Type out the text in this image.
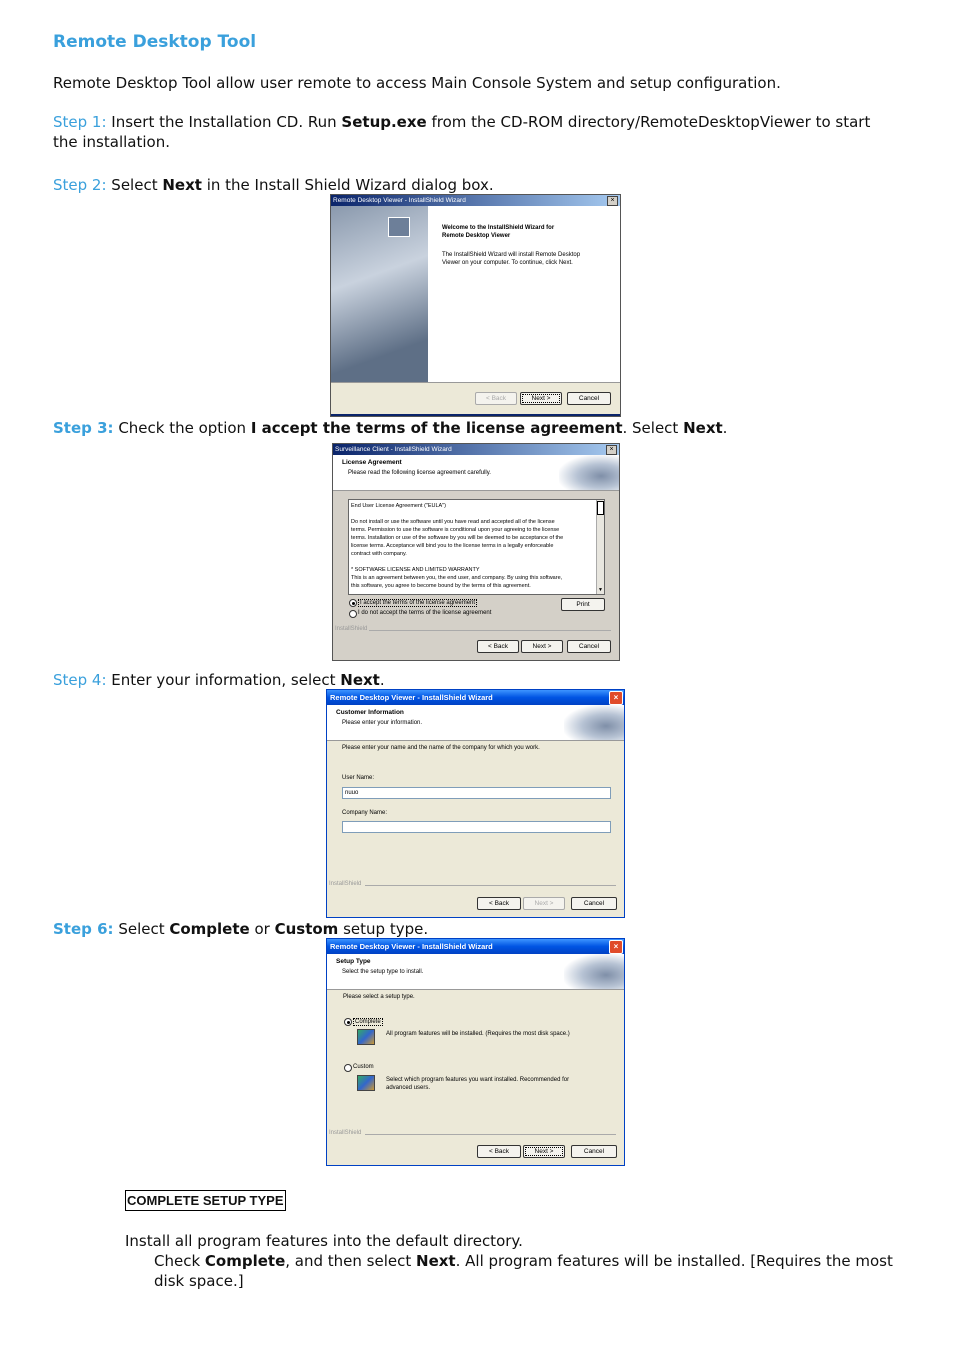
Remote Desktop Tool
Remote Desktop Tool allow user remote to access Main Console System and setup configuration.
Step 1: Insert the Installation CD. Run Setup.exe from the CD-ROM directory/RemoteDesktopViewer to start
the installation.
Step 2: Select Next in the Install Shield Wizard dialog box.
Remote Desktop Viewer - InstallShield Wizard	×
Welcome to the InstallShield Wizard for
Remote Desktop Viewer
The InstallShield Wizard will install Remote Desktop
Viewer on your computer. To continue, click Next.
< Back	Next >	Cancel
Step 3: Check the option I accept the terms of the license agreement. Select Next.
Surveillance Client - InstallShield Wizard	×
License Agreement
Please read the following license agreement carefully.
End User License Agreement ("EULA")

Do not install or use the software until you have read and accepted all of the license
terms. Permission to use the software is conditional upon your agreeing to the license
terms. Installation or use of the software by you will be deemed to be acceptance of the
license terms. Acceptance will bind you to the license terms in a legally enforceable
contract with company.

* SOFTWARE LICENSE AND LIMITED WARRANTY
This is an agreement between you, the end user, and company. By using this software,
this software, you agree to become bound by the terms of this agreement.
▼
I accept the terms of the license agreement
I do not accept the terms of the license agreement
Print
InstallShield
< Back	Next >	Cancel
Step 4: Enter your information, select Next.
Remote Desktop Viewer - InstallShield Wizard	×
Customer Information
Please enter your information.
Please enter your name and the name of the company for which you work.
User Name:
nuuo
Company Name:
InstallShield
< Back	Next >	Cancel
Step 6: Select Complete or Custom setup type.
Remote Desktop Viewer - InstallShield Wizard	×
Setup Type
Select the setup type to install.
Please select a setup type.
Complete
All program features will be installed. (Requires the most disk space.)
Custom
Select which program features you want installed. Recommended for
advanced users.
InstallShield
< Back	Next >	Cancel
COMPLETE SETUP TYPE
Install all program features into the default directory.
Check Complete, and then select Next. All program features will be installed. [Requires the most
disk space.]
